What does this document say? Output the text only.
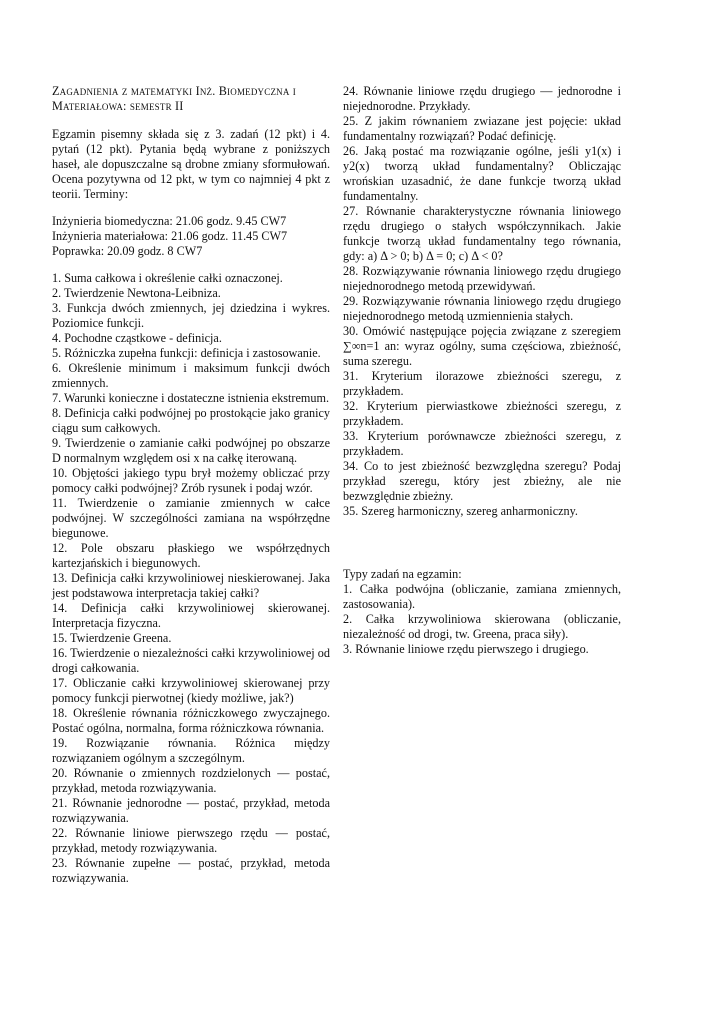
Zagadnienia z matematyki Inż. Biomedyczna i
Materiałowa: semestr II

Egzamin pisemny składa się z 3. zadań (12 pkt) i 4. pytań (12 pkt). Pytania będą wybrane z poniższych haseł, ale dopuszczalne są drobne zmiany sformułowań. Ocena pozytywna od 12 pkt, w tym co najmniej 4 pkt z teorii. Terminy:

Inżynieria biomedyczna: 21.06 godz. 9.45 CW7
Inżynieria materiałowa: 21.06 godz. 11.45 CW7
Poprawka: 20.09 godz. 8 CW7
1. Suma całkowa i określenie całki oznaczonej.
2. Twierdzenie Newtona-Leibniza.
3. Funkcja dwóch zmiennych, jej dziedzina i wykres. Poziomice funkcji.
4. Pochodne cząstkowe - definicja.
5. Różniczka zupełna funkcji: definicja i zastosowanie.
6. Określenie minimum i maksimum funkcji dwóch zmiennych.
7. Warunki konieczne i dostateczne istnienia ekstremum.
8. Definicja całki podwójnej po prostokącie jako granicy ciągu sum całkowych.
9. Twierdzenie o zamianie całki podwójnej po obszarze D normalnym względem osi x na całkę iterowaną.
10. Objętości jakiego typu brył możemy obliczać przy pomocy całki podwójnej? Zrób rysunek i podaj wzór.
11. Twierdzenie o zamianie zmiennych w całce podwójnej. W szczególności zamiana na współrzędne biegunowe.
12. Pole obszaru płaskiego we współrzędnych kartezjańskich i biegunowych.
13. Definicja całki krzywoliniowej nieskierowanej. Jaka jest podstawowa interpretacja takiej całki?
14. Definicja całki krzywoliniowej skierowanej. Interpretacja fizyczna.
15. Twierdzenie Greena.
16. Twierdzenie o niezależności całki krzywoliniowej od drogi całkowania.
17. Obliczanie całki krzywoliniowej skierowanej przy pomocy funkcji pierwotnej (kiedy możliwe, jak?)
18. Określenie równania różniczkowego zwyczajnego. Postać ogólna, normalna, forma różniczkowa równania.
19. Rozwiązanie równania. Różnica między rozwiązaniem ogólnym a szczególnym.
20. Równanie o zmiennych rozdzielonych — postać, przykład, metoda rozwiązywania.
21. Równanie jednorodne — postać, przykład, metoda rozwiązywania.
22. Równanie liniowe pierwszego rzędu — postać, przykład, metody rozwiązywania.
23. Równanie zupełne — postać, przykład, metoda rozwiązywania.
24. Równanie liniowe rzędu drugiego — jednorodne i niejednorodne. Przykłady.
25. Z jakim równaniem zwiazane jest pojęcie: układ fundamentalny rozwiązań? Podać definicję.
26. Jaką postać ma rozwiązanie ogólne, jeśli y1(x) i y2(x) tworzą układ fundamentalny? Obliczając wrońskian uzasadnić, że dane funkcje tworzą układ fundamentalny.
27. Równanie charakterystyczne równania liniowego rzędu drugiego o stałych współczynnikach. Jakie funkcje tworzą układ fundamentalny tego równania, gdy: a) Δ > 0; b) Δ = 0; c) Δ < 0?
28. Rozwiązywanie równania liniowego rzędu drugiego niejednorodnego metodą przewidywań.
29. Rozwiązywanie równania liniowego rzędu drugiego niejednorodnego metodą uzmiennienia stałych.
30. Omówić następujące pojęcia związane z szeregiem ∑∞n=1 an: wyraz ogólny, suma częściowa, zbieżność, suma szeregu.
31. Kryterium ilorazowe zbieżności szeregu, z przykładem.
32. Kryterium pierwiastkowe zbieżności szeregu, z przykładem.
33. Kryterium porównawcze zbieżności szeregu, z przykładem.
34. Co to jest zbieżność bezwzględna szeregu? Podaj przykład szeregu, który jest zbieżny, ale nie bezwzględnie zbieżny.
35. Szereg harmoniczny, szereg anharmoniczny.
Typy zadań na egzamin:
1. Całka podwójna (obliczanie, zamiana zmiennych, zastosowania).
2. Całka krzywoliniowa skierowana (obliczanie, niezależność od drogi, tw. Greena, praca siły).
3. Równanie liniowe rzędu pierwszego i drugiego.
